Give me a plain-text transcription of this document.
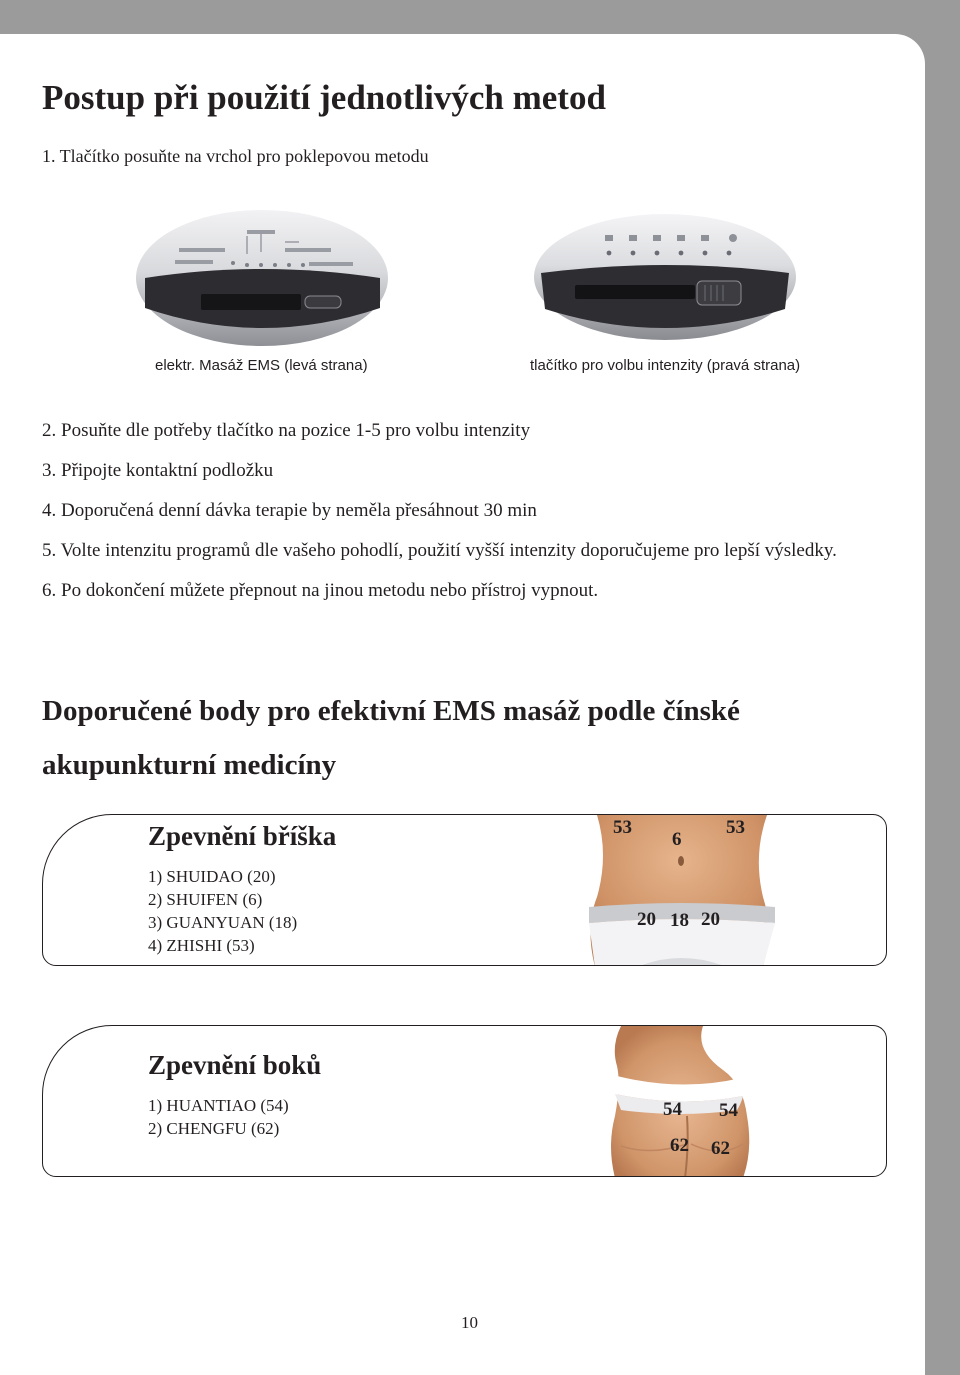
Postup při použití jednotlivých metod

1. Tlačítko posuňte na vrchol pro poklepovou metodu

elektr. Masáž EMS (levá strana)	tlačítko pro volbu intenzity (pravá strana)

2. Posuňte dle potřeby tlačítko na pozice 1-5 pro volbu intenzity
3. Připojte kontaktní podložku
4. Doporučená denní dávka terapie by neměla přesáhnout 30 min
5. Volte intenzitu programů dle vašeho pohodlí, použití vyšší intenzity doporučujeme pro lepší výsledky.
6. Po dokončení můžete přepnout na jinou metodu nebo přístroj vypnout.
Doporučené body pro efektivní EMS masáž podle čínské akupunkturní medicíny
Zpevnění bříška
1) SHUIDAO (20)
2) SHUIFEN (6)
3) GUANYUAN (18)
4) ZHISHI (53)
53
6
53
20 18 20
Zpevnění boků
1) HUANTIAO (54)
2) CHENGFU (62)
54 54
62 62

10
